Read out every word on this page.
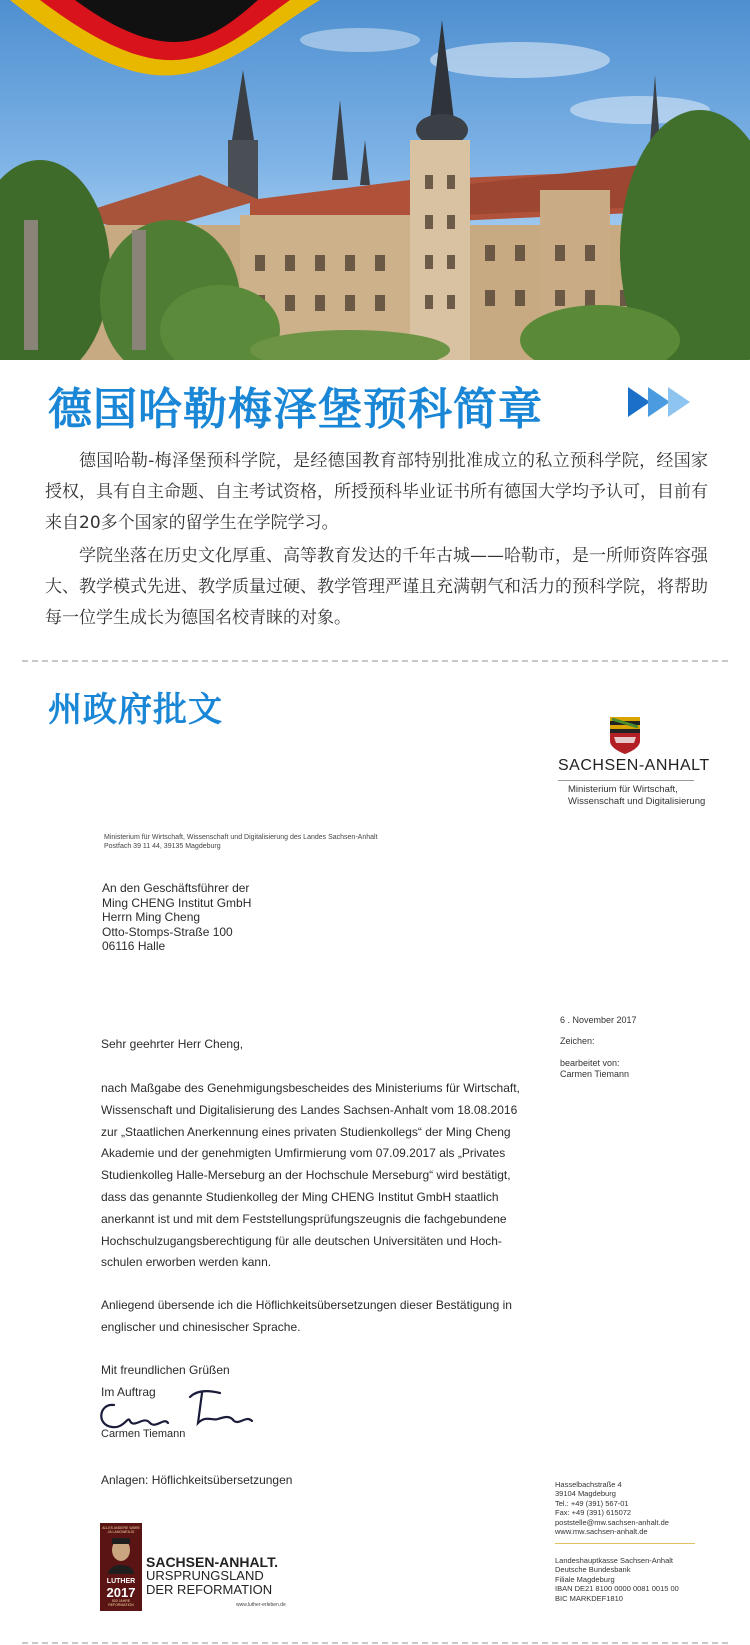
德国哈勒梅泽堡预科简章

德国哈勒-梅泽堡预科学院，是经德国教育部特别批准成立的私立预科学院，经国家授权，具有自主命题、自主考试资格，所授预科毕业证书所有德国大学均予认可，目前有来自20多个国家的留学生在学院学习。

学院坐落在历史文化厚重、高等教育发达的千年古城——哈勒市，是一所师资阵容强大、教学模式先进、教学质量过硬、教学管理严谨且充满朝气和活力的预科学院，将帮助每一位学生成长为德国名校青睐的对象。

州政府批文
SACHSEN-ANHALT
Ministerium für Wirtschaft,
Wissenschaft und Digitalisierung
Ministerium für Wirtschaft, Wissenschaft und Digitalisierung des Landes Sachsen-Anhalt
Postfach 39 11 44, 39135 Magdeburg
An den Geschäftsführer der
Ming CHENG Institut GmbH
Herrn Ming Cheng
Otto-Stomps-Straße 100
06116 Halle
6 . November 2017
Zeichen:
bearbeitet von:
Carmen Tiemann
Sehr geehrter Herr Cheng,
nach Maßgabe des Genehmigungsbescheides des Ministeriums für Wirtschaft,
Wissenschaft und Digitalisierung des Landes Sachsen-Anhalt vom 18.08.2016
zur „Staatlichen Anerkennung eines privaten Studienkollegs“ der Ming Cheng
Akademie und der genehmigten Umfirmierung vom 07.09.2017 als „Privates
Studienkolleg Halle-Merseburg an der Hochschule Merseburg“ wird bestätigt,
dass das genannte Studienkolleg der Ming CHENG Institut GmbH staatlich
anerkannt ist und mit dem Feststellungsprüfungszeugnis die fachgebundene
Hochschulzugangsberechtigung für alle deutschen Universitäten und Hoch-
schulen erworben werden kann.
Anliegend übersende ich die Höflichkeitsübersetzungen dieser Bestätigung in
englischer und chinesischer Sprache.
Mit freundlichen Grüßen
Im Auftrag
Carmen Tiemann
Anlagen: Höflichkeitsübersetzungen	Hasselbachstraße 4
39104 Magdeburg
Tel.: +49 (391) 567-01
Fax: +49 (391) 615072
poststelle@mw.sachsen-anhalt.de
www.mw.sachsen-anhalt.de
Landeshauptkasse Sachsen-Anhalt
Deutsche Bundesbank
Filiale Magdeburg
IBAN DE21 8100 0000 0081 0015 00
BIC MARKDEF1810
ALLES ANDERE WÄRE JA LANGWEILIG
LUTHER
2017
500 JAHRE REFORMATION
SACHSEN-ANHALT.
URSPRUNGSLAND
DER REFORMATION
www.luther-erleben.de
